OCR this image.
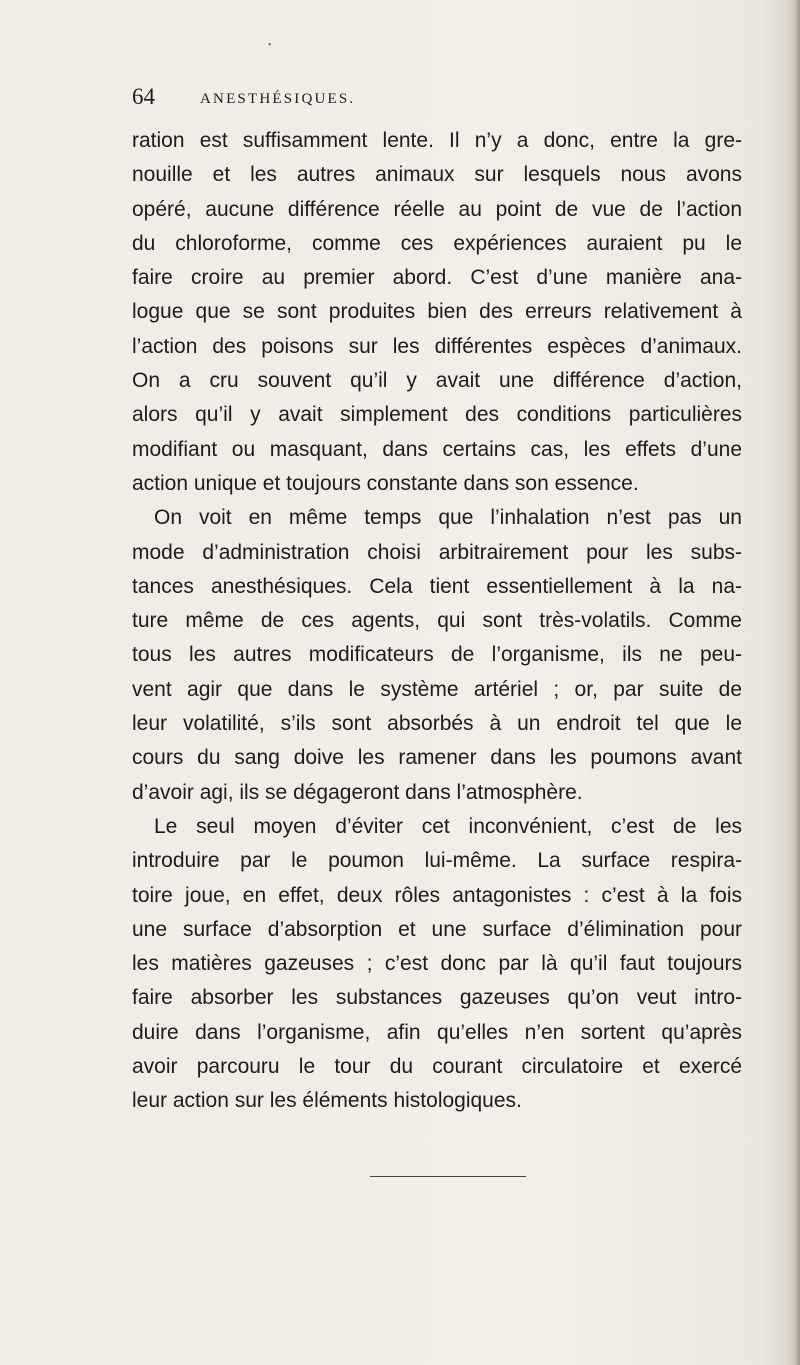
•
64	ANESTHÉSIQUES.
ration est suffisamment lente. Il n’y a donc, entre la gre-
nouille et les autres animaux sur lesquels nous avons
opéré, aucune différence réelle au point de vue de l’action
du chloroforme, comme ces expériences auraient pu le
faire croire au premier abord. C’est d’une manière ana-
logue que se sont produites bien des erreurs relativement à
l’action des poisons sur les différentes espèces d’animaux.
On a cru souvent qu’il y avait une différence d’action,
alors qu’il y avait simplement des conditions particulières
modifiant ou masquant, dans certains cas, les effets d’une
action unique et toujours constante dans son essence.
On voit en même temps que l’inhalation n’est pas un
mode d’administration choisi arbitrairement pour les subs-
tances anesthésiques. Cela tient essentiellement à la na-
ture même de ces agents, qui sont très-volatils. Comme
tous les autres modificateurs de l’organisme, ils ne peu-
vent agir que dans le système artériel ; or, par suite de
leur volatilité, s’ils sont absorbés à un endroit tel que le
cours du sang doive les ramener dans les poumons avant
d’avoir agi, ils se dégageront dans l’atmosphère.
Le seul moyen d’éviter cet inconvénient, c’est de les
introduire par le poumon lui-même. La surface respira-
toire joue, en effet, deux rôles antagonistes : c’est à la fois
une surface d’absorption et une surface d’élimination pour
les matières gazeuses ; c’est donc par là qu’il faut toujours
faire absorber les substances gazeuses qu’on veut intro-
duire dans l’organisme, afin qu’elles n’en sortent qu’après
avoir parcouru le tour du courant circulatoire et exercé
leur action sur les éléments histologiques.
